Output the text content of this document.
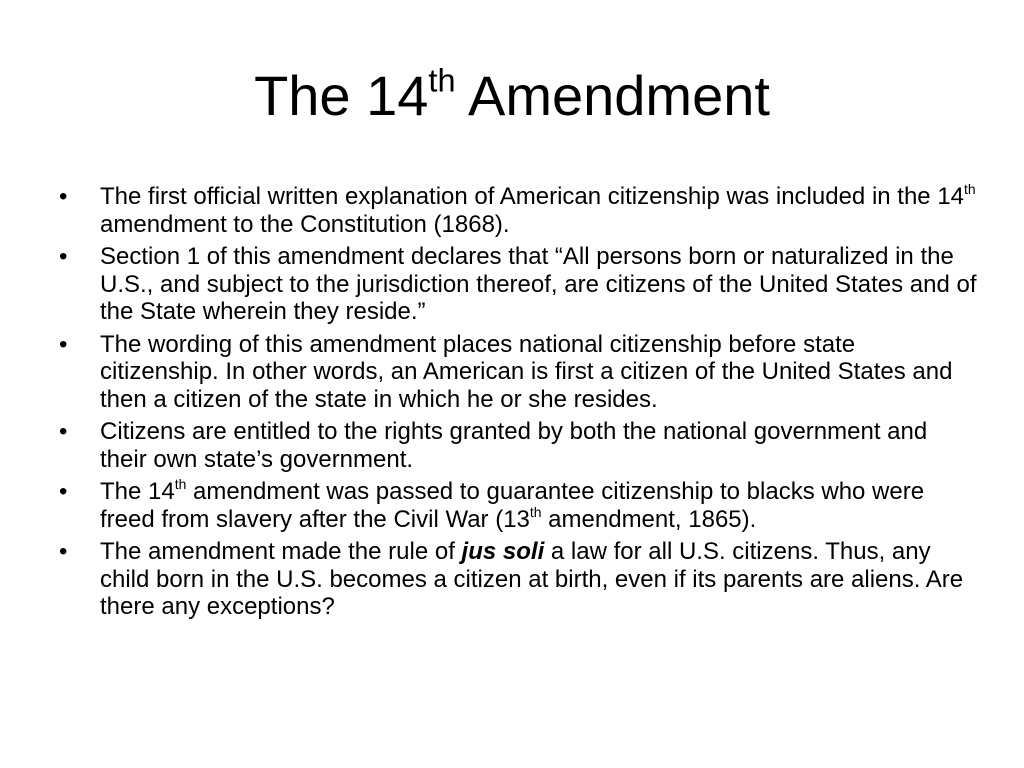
The 14th Amendment
• The first official written explanation of American citizenship was included in the 14th amendment to the Constitution (1868).
• Section 1 of this amendment declares that “All persons born or naturalized in the U.S., and subject to the jurisdiction thereof, are citizens of the United States and of the State wherein they reside.”
• The wording of this amendment places national citizenship before state citizenship. In other words, an American is first a citizen of the United States and then a citizen of the state in which he or she resides.
• Citizens are entitled to the rights granted by both the national government and their own state’s government.
• The 14th amendment was passed to guarantee citizenship to blacks who were freed from slavery after the Civil War (13th amendment, 1865).
• The amendment made the rule of jus soli a law for all U.S. citizens. Thus, any child born in the U.S. becomes a citizen at birth, even if its parents are aliens. Are there any exceptions?
